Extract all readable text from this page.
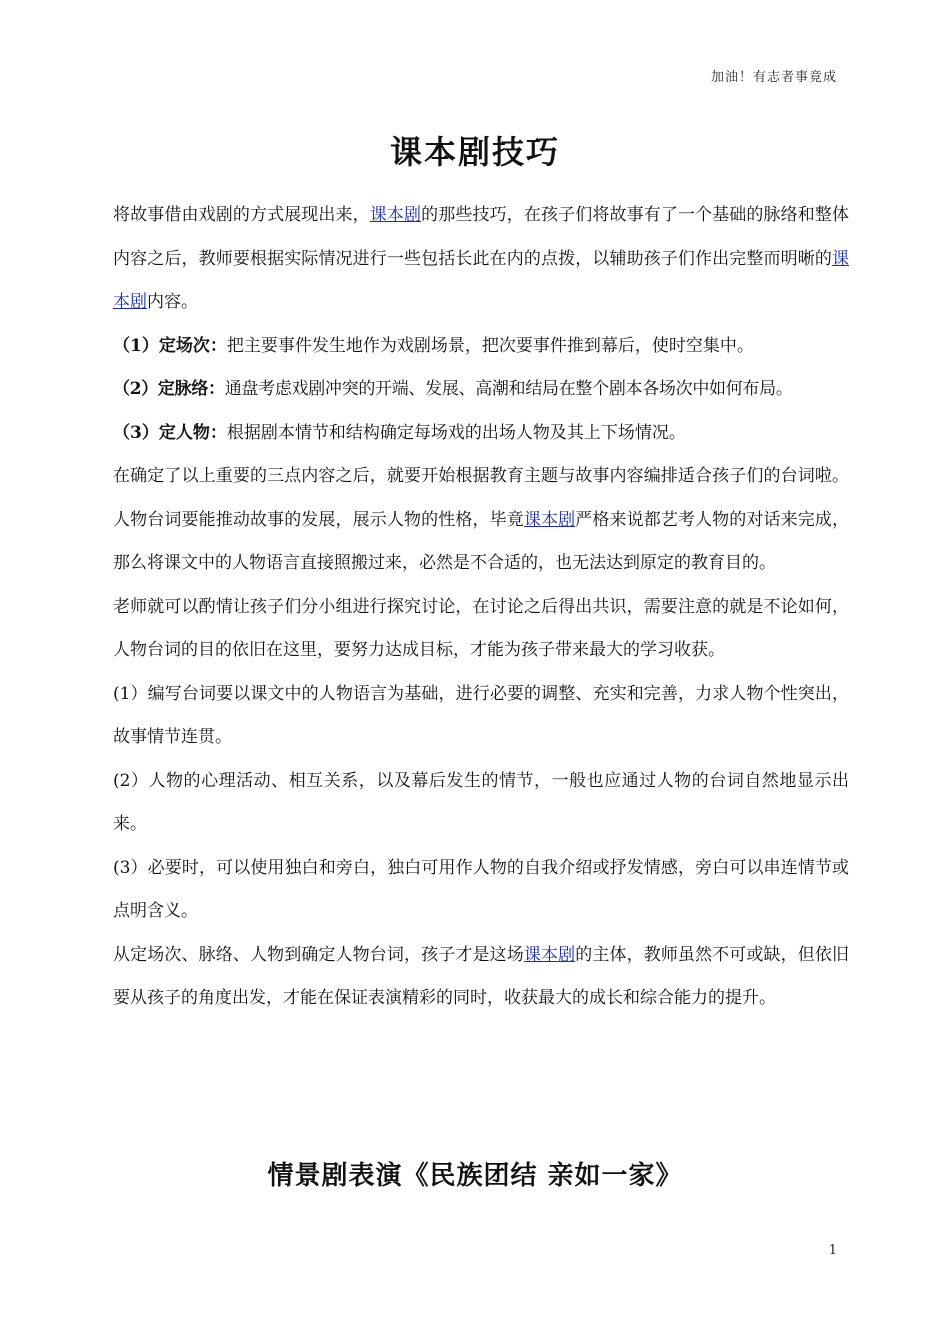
加油！有志者事竟成
课本剧技巧

将故事借由戏剧的方式展现出来，课本剧的那些技巧，在孩子们将故事有了一个基础的脉络和整体内容之后，教师要根据实际情况进行一些包括长此在内的点拨，以辅助孩子们作出完整而明晰的课本剧内容。

（1）定场次：把主要事件发生地作为戏剧场景，把次要事件推到幕后，使时空集中。

（2）定脉络：通盘考虑戏剧冲突的开端、发展、高潮和结局在整个剧本各场次中如何布局。

（3）定人物：根据剧本情节和结构确定每场戏的出场人物及其上下场情况。

在确定了以上重要的三点内容之后，就要开始根据教育主题与故事内容编排适合孩子们的台词啦。人物台词要能推动故事的发展，展示人物的性格，毕竟课本剧严格来说都艺考人物的对话来完成，那么将课文中的人物语言直接照搬过来，必然是不合适的，也无法达到原定的教育目的。

老师就可以酌情让孩子们分小组进行探究讨论，在讨论之后得出共识，需要注意的就是不论如何，人物台词的目的依旧在这里，要努力达成目标，才能为孩子带来最大的学习收获。

(1）编写台词要以课文中的人物语言为基础，进行必要的调整、充实和完善，力求人物个性突出，故事情节连贯。

(2）人物的心理活动、相互关系，以及幕后发生的情节，一般也应通过人物的台词自然地显示出来。

(3）必要时，可以使用独白和旁白，独白可用作人物的自我介绍或抒发情感，旁白可以串连情节或点明含义。

从定场次、脉络、人物到确定人物台词，孩子才是这场课本剧的主体，教师虽然不可或缺，但依旧要从孩子的角度出发，才能在保证表演精彩的同时，收获最大的成长和综合能力的提升。

情景剧表演《民族团结 亲如一家》
1
